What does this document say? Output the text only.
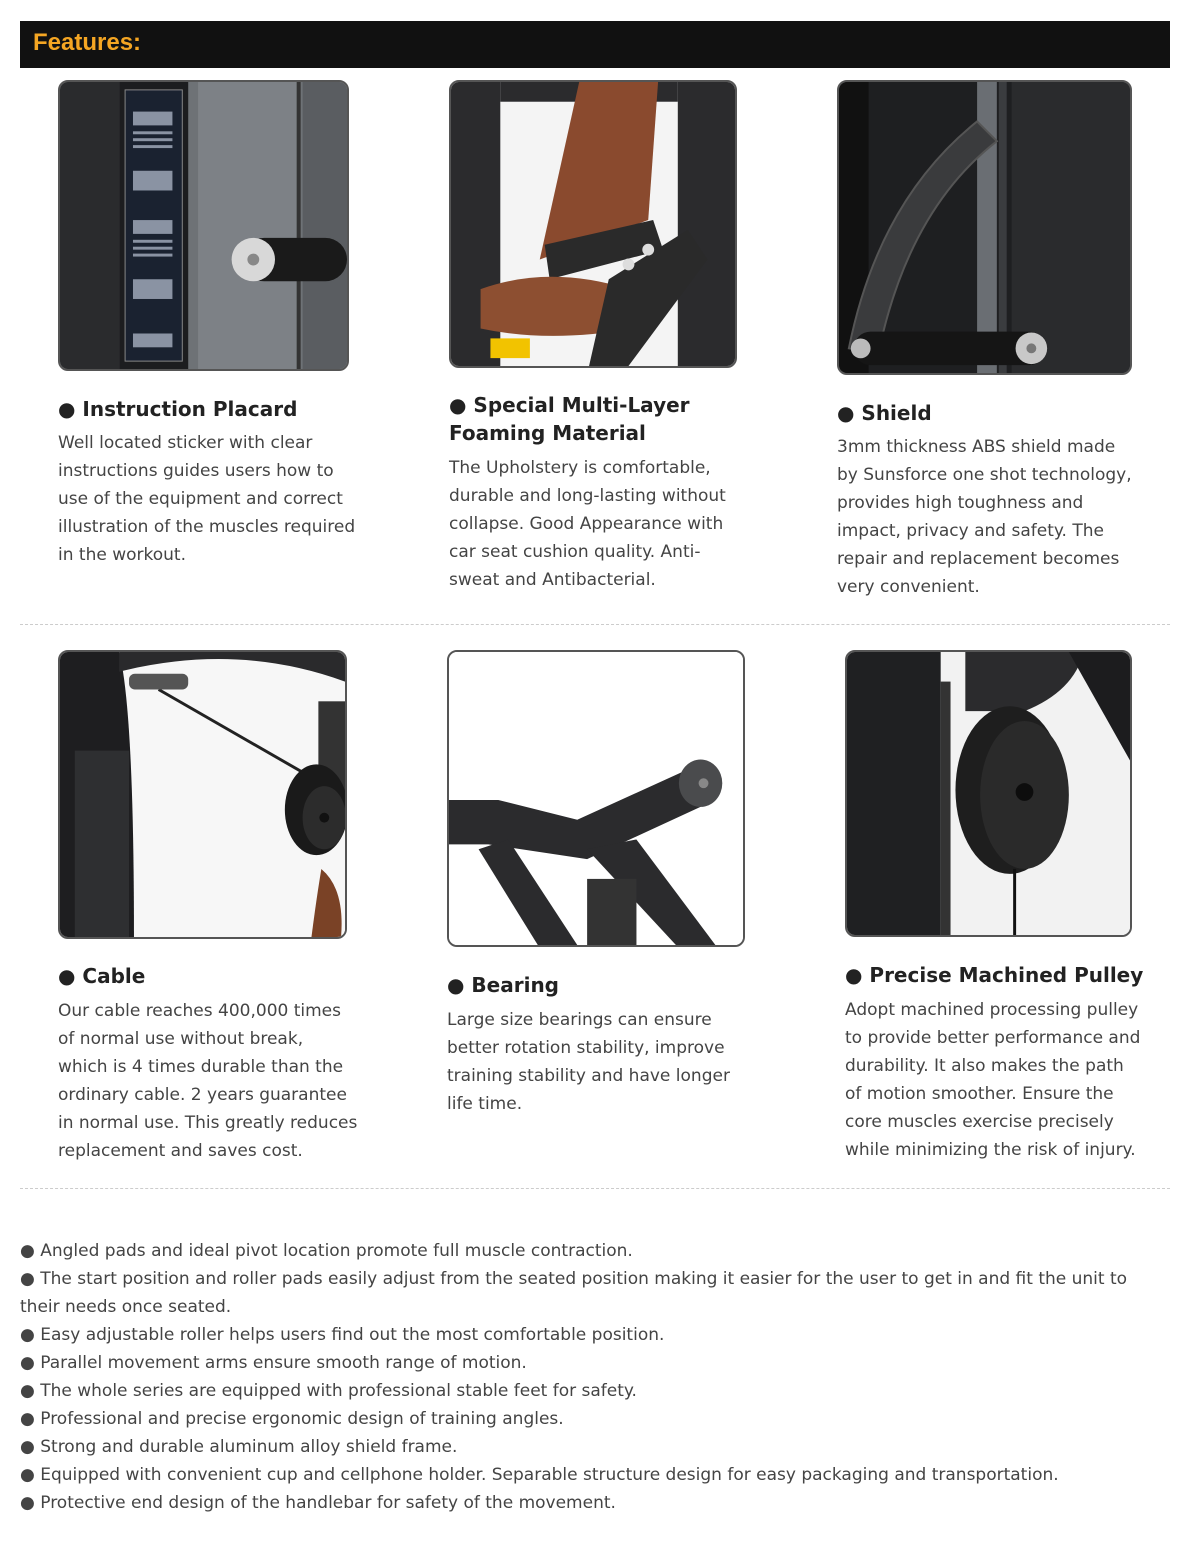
Features:
● Instruction Placard
Well located sticker with clear instructions guides users how to use of the equipment and correct illustration of the muscles required in the workout.
● Special Multi-Layer Foaming Material
The Upholstery is comfortable, durable and long-lasting without collapse. Good Appearance with car seat cushion quality. Anti-sweat and Antibacterial.
● Shield
3mm thickness ABS shield made by Sunsforce one shot technology, provides high toughness and impact, privacy and safety. The repair and replacement becomes very convenient.
● Cable
Our cable reaches 400,000 times of normal use without break, which is 4 times durable than the ordinary cable. 2 years guarantee in normal use. This greatly reduces replacement and saves cost.
● Bearing
Large size bearings can ensure better rotation stability, improve training stability and have longer life time.
● Precise Machined Pulley
Adopt machined processing pulley to provide better performance and durability. It also makes the path of motion smoother. Ensure the core muscles exercise precisely while minimizing the risk of injury.
● Angled pads and ideal pivot location promote full muscle contraction.
● The start position and roller pads easily adjust from the seated position making it easier for the user to get in and fit the unit to their needs once seated.
● Easy adjustable roller helps users find out the most comfortable position.
● Parallel movement arms ensure smooth range of motion.
● The whole series are equipped with professional stable feet for safety.
● Professional and precise ergonomic design of training angles.
● Strong and durable aluminum alloy shield frame.
● Equipped with convenient cup and cellphone holder. Separable structure design for easy packaging and transportation.
● Protective end design of the handlebar for safety of the movement.
